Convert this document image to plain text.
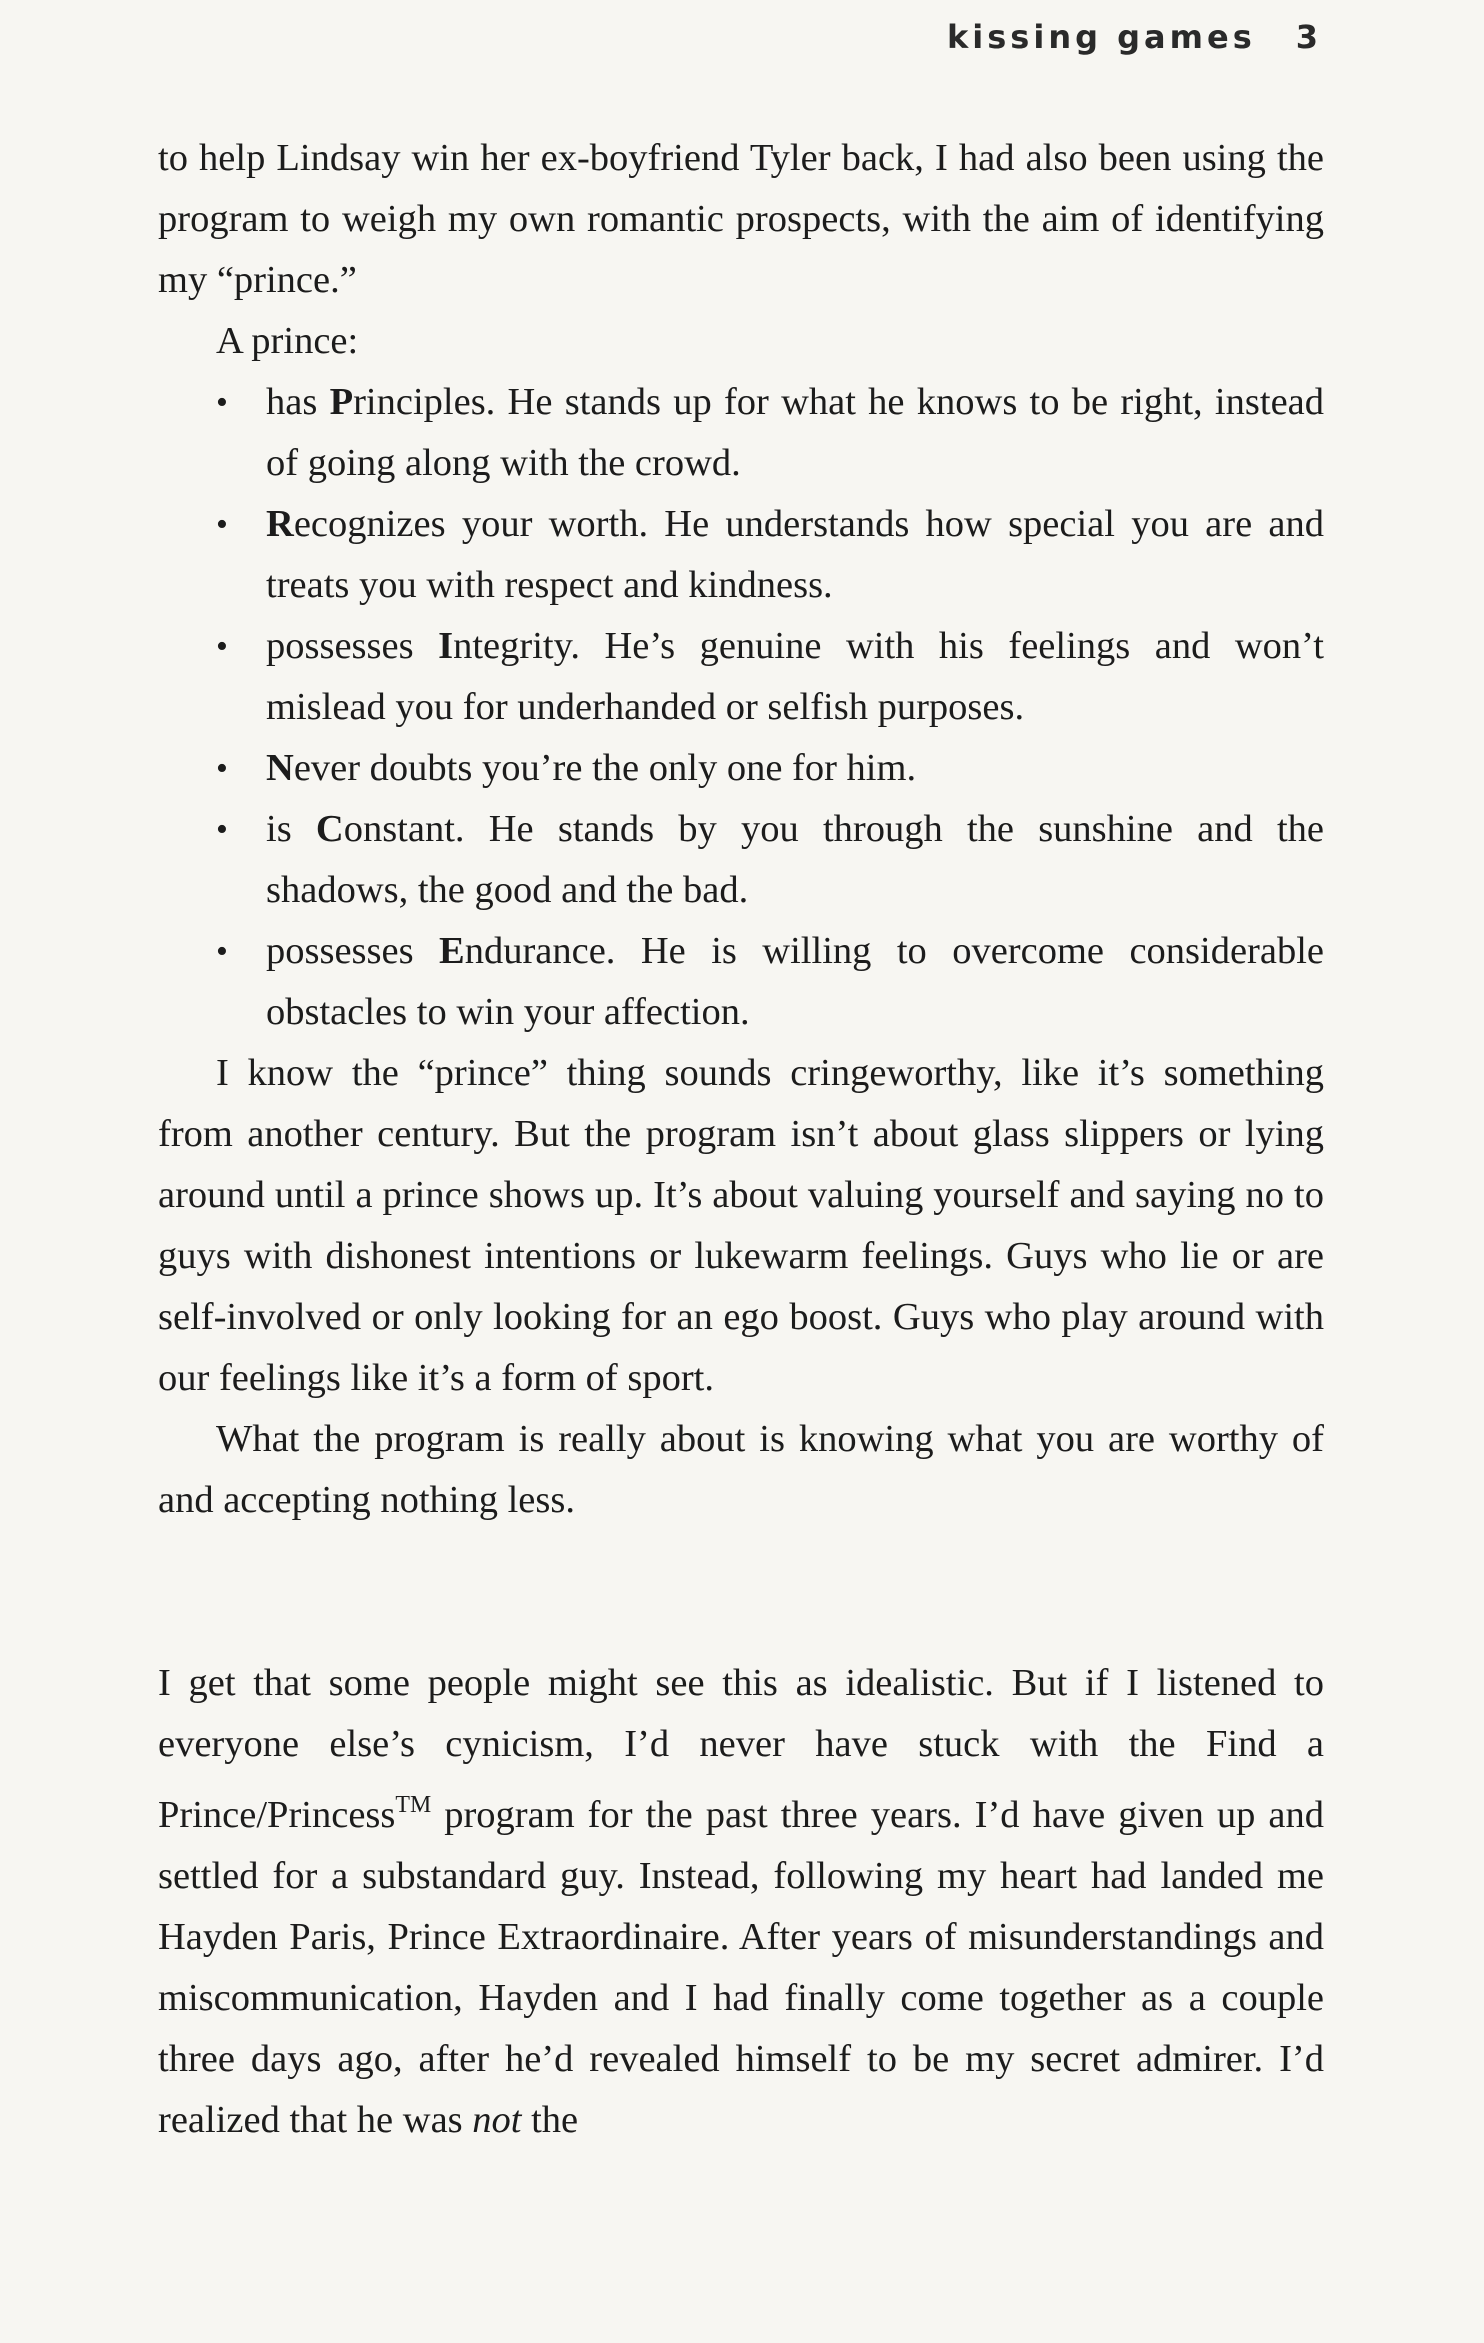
kissing games 3

to help Lindsay win her ex-boyfriend Tyler back, I had also been using the program to weigh my own romantic prospects, with the aim of identifying my “prince.”

A prince:

• has Principles. He stands up for what he knows to be right, instead of going along with the crowd.
• Recognizes your worth. He understands how special you are and treats you with respect and kindness.
• possesses Integrity. He’s genuine with his feelings and won’t mislead you for underhanded or selfish purposes.
• Never doubts you’re the only one for him.
• is Constant. He stands by you through the sunshine and the shadows, the good and the bad.
• possesses Endurance. He is willing to overcome considerable obstacles to win your affection.

I know the “prince” thing sounds cringeworthy, like it’s something from another century. But the program isn’t about glass slippers or lying around until a prince shows up. It’s about valuing yourself and saying no to guys with dishonest intentions or lukewarm feelings. Guys who lie or are self-involved or only looking for an ego boost. Guys who play around with our feelings like it’s a form of sport.

What the program is really about is knowing what you are worthy of and accepting nothing less.

I get that some people might see this as idealistic. But if I listened to everyone else’s cynicism, I’d never have stuck with the Find a Prince/Princess™ program for the past three years. I’d have given up and settled for a substandard guy. Instead, following my heart had landed me Hayden Paris, Prince Extraordinaire. After years of misunderstandings and miscommunication, Hayden and I had finally come together as a couple three days ago, after he’d revealed himself to be my secret admirer. I’d realized that he was not the
